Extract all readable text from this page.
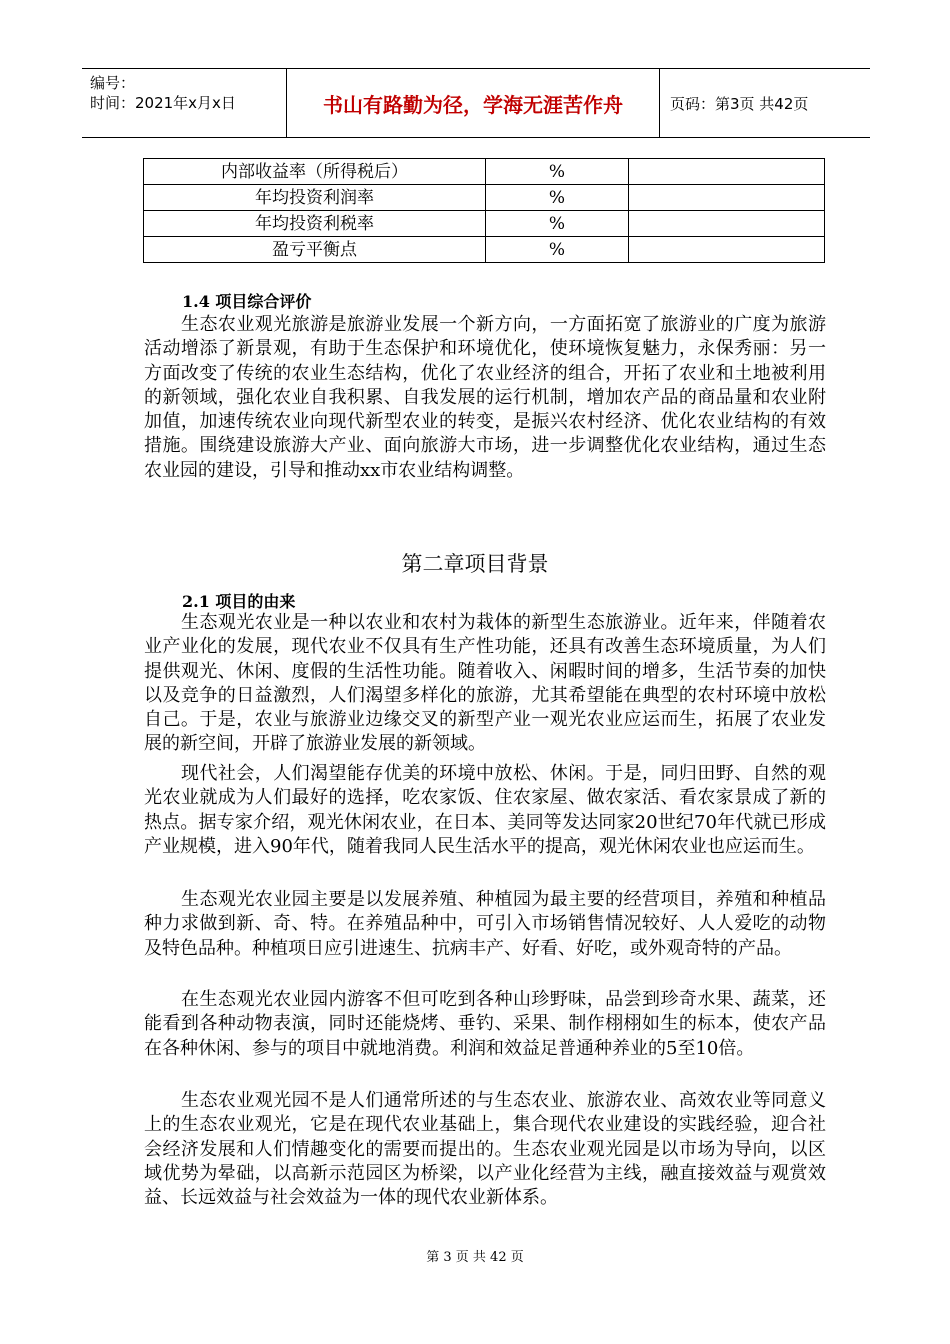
编号：
时间：2021年x月x日	书山有路勤为径，学海无涯苦作舟	页码：第3页 共42页
内部收益率（所得税后）	%	
年均投资利润率	%	
年均投资利税率	%	
盈亏平衡点	%	
1.4 项目综合评价

生态农业观光旅游是旅游业发展一个新方向，一方面拓宽了旅游业的广度为旅游活动增添了新景观，有助于生态保护和环境优化，使环境恢复魅力，永保秀丽：另一方面改变了传统的农业生态结构，优化了农业经济的组合，开拓了农业和土地被利用的新领域，强化农业自我积累、自我发展的运行机制，增加农产品的商品量和农业附加值，加速传统农业向现代新型农业的转变，是振兴农村经济、优化农业结构的有效措施。围绕建设旅游大产业、面向旅游大市场，进一步调整优化农业结构，通过生态农业园的建设，引导和推动xx市农业结构调整。

第二章项目背景
2.1 项目的由来

生态观光农业是一种以农业和农村为栽体的新型生态旅游业。近年来，伴随着农业产业化的发展，现代农业不仅具有生产性功能，还具有改善生态环境质量，为人们提供观光、休闲、度假的生活性功能。随着收入、闲暇时间的增多，生活节奏的加快以及竞争的日益激烈，人们渴望多样化的旅游，尤其希望能在典型的农村环境中放松自己。于是，农业与旅游业边缘交叉的新型产业一观光农业应运而生，拓展了农业发展的新空间，开辟了旅游业发展的新领域。

现代社会，人们渴望能存优美的环境中放松、休闲。于是，同归田野、自然的观光农业就成为人们最好的选择，吃农家饭、住农家屋、做农家活、看农家景成了新的热点。据专家介绍，观光休闲农业，在日本、美同等发达同家20世纪70年代就已形成产业规模，进入90年代，随着我同人民生活水平的提高，观光休闲农业也应运而生。

生态观光农业园主要是以发展养殖、种植园为最主要的经营项目，养殖和种植品种力求做到新、奇、特。在养殖品种中，可引入市场销售情况较好、人人爱吃的动物及特色品种。种植项日应引进速生、抗病丰产、好看、好吃，或外观奇特的产品。

在生态观光农业园内游客不但可吃到各种山珍野味，品尝到珍奇水果、蔬菜，还能看到各种动物表演，同时还能烧烤、垂钓、采果、制作栩栩如生的标本，使农产品在各种休闲、参与的项目中就地消费。利润和效益足普通种养业的5至10倍。

生态农业观光园不是人们通常所述的与生态农业、旅游农业、高效农业等同意义上的生态农业观光，它是在现代农业基础上，集合现代农业建设的实践经验，迎合社会经济发展和人们情趣变化的需要而提出的。生态农业观光园是以市场为导向，以区域优势为晕础，以高新示范园区为桥梁，以产业化经营为主线，融直接效益与观赏效益、长远效益与社会效益为一体的现代农业新体系。

第 3 页 共 42 页
